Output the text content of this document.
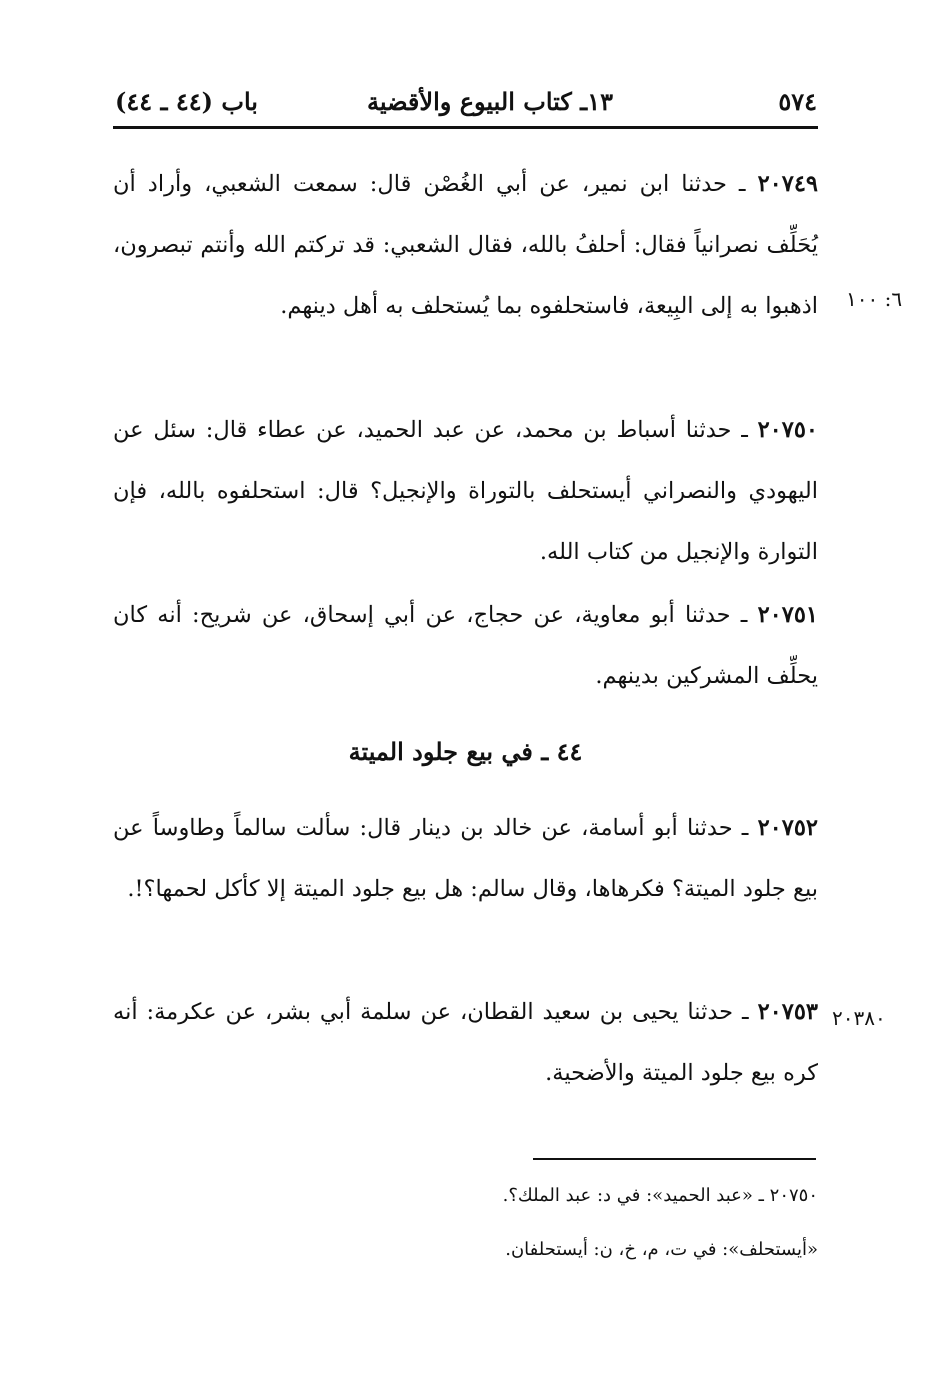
٥٧٤
١٣ـ كتاب البيوع والأقضية
باب (٤٤ ـ ٤٤)
٦: ١٠٠
٢٠٧٤٩ ـ حدثنا ابن نمير، عن أبي الغُصْن قال: سمعت الشعبي، وأراد أن يُحَلِّف نصرانياً فقال: أحلفُ بالله، فقال الشعبي: قد تركتم الله وأنتم تبصرون، اذهبوا به إلى البِيعة، فاستحلفوه بما يُستحلف به أهل دينهم.
٢٠٧٥٠ ـ حدثنا أسباط بن محمد، عن عبد الحميد، عن عطاء قال: سئل عن اليهودي والنصراني أيستحلف بالتوراة والإنجيل؟ قال: استحلفوه بالله، فإن التوارة والإنجيل من كتاب الله.
٢٠٧٥١ ـ حدثنا أبو معاوية، عن حجاج، عن أبي إسحاق، عن شريح: أنه كان يحلِّف المشركين بدينهم.
٤٤ ـ في بيع جلود الميتة
٢٠٧٥٢ ـ حدثنا أبو أسامة، عن خالد بن دينار قال: سألت سالماً وطاوساً عن بيع جلود الميتة؟ فكرهاها، وقال سالم: هل بيع جلود الميتة إلا كأكل لحمها؟!.
٢٠٣٨٠
٢٠٧٥٣ ـ حدثنا يحيى بن سعيد القطان، عن سلمة أبي بشر، عن عكرمة: أنه كره بيع جلود الميتة والأضحية.
٢٠٧٥٠ ـ «عبد الحميد»: في د: عبد الملك؟.
«أيستحلف»: في ت، م، خ، ن: أيستحلفان.
